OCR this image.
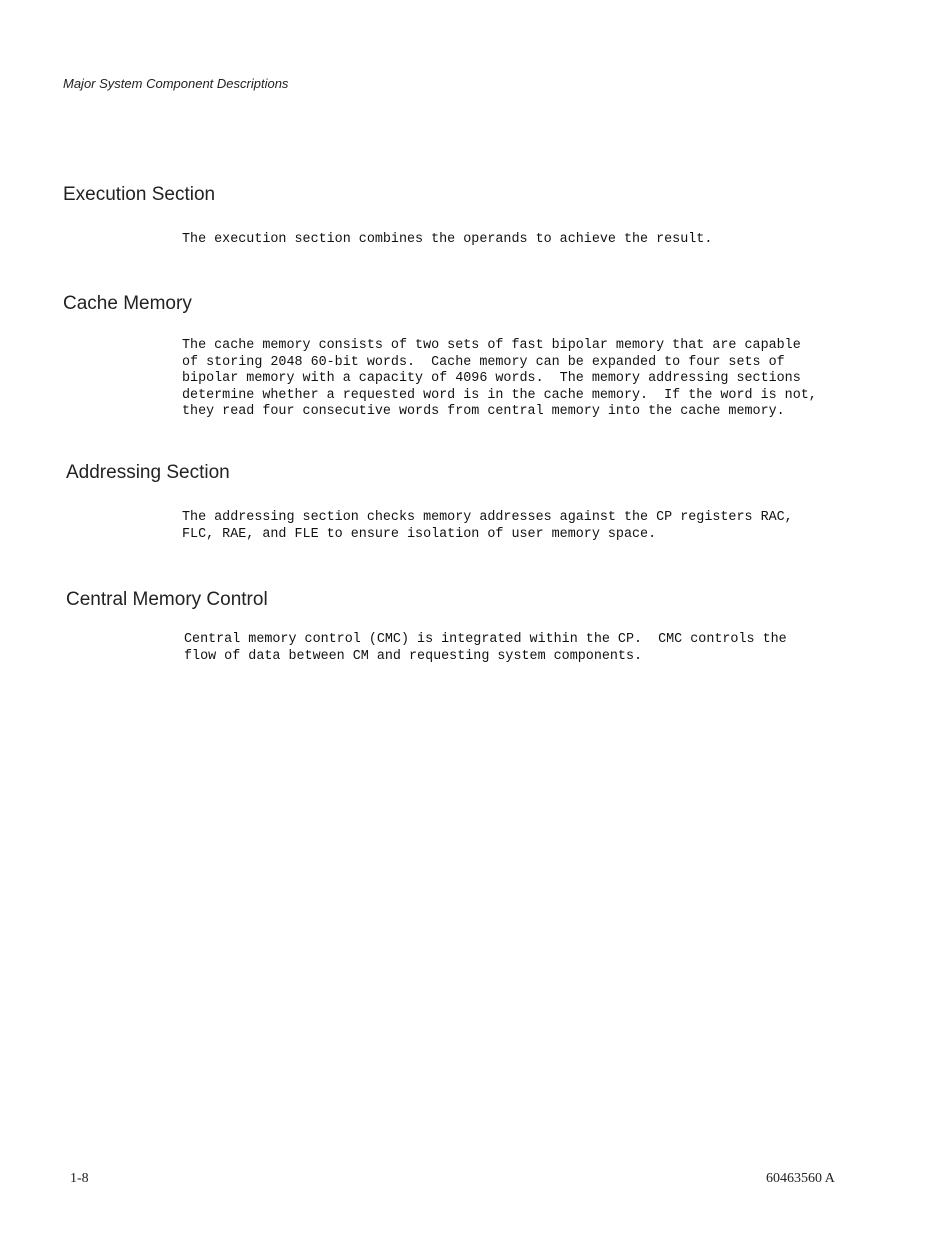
Major System Component Descriptions

Execution Section

The execution section combines the operands to achieve the result.

Cache Memory

The cache memory consists of two sets of fast bipolar memory that are capable
of storing 2048 60-bit words.  Cache memory can be expanded to four sets of
bipolar memory with a capacity of 4096 words.  The memory addressing sections
determine whether a requested word is in the cache memory.  If the word is not,
they read four consecutive words from central memory into the cache memory.

Addressing Section

The addressing section checks memory addresses against the CP registers RAC,
FLC, RAE, and FLE to ensure isolation of user memory space.

Central Memory Control

Central memory control (CMC) is integrated within the CP.  CMC controls the
flow of data between CM and requesting system components.

1-8	60463560 A
